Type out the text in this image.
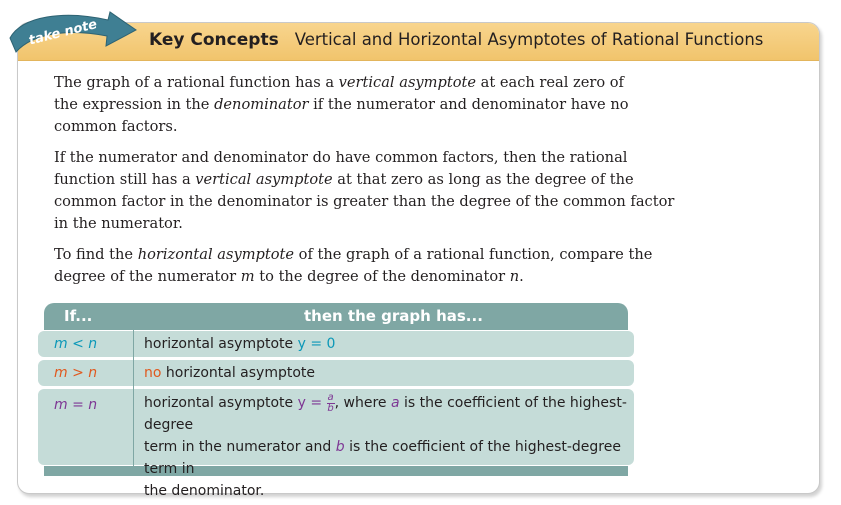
Key Concepts Vertical and Horizontal Asymptotes of Rational Functions

The graph of a rational function has a vertical asymptote at each real zero of
the expression in the denominator if the numerator and denominator have no
common factors.

If the numerator and denominator do have common factors, then the rational
function still has a vertical asymptote at that zero as long as the degree of the
common factor in the denominator is greater than the degree of the common factor
in the numerator.

To find the horizontal asymptote of the graph of a rational function, compare the
degree of the numerator m to the degree of the denominator n.

take note
If...	then the graph has...
m < n	horizontal asymptote y = 0
m > n	no horizontal asymptote
m = n	horizontal asymptote $y = \frac{a}{b}$ , where a is the coefficient of the highest-degree
term in the numerator and b is the coefficient of the highest-degree term in
the denominator.
